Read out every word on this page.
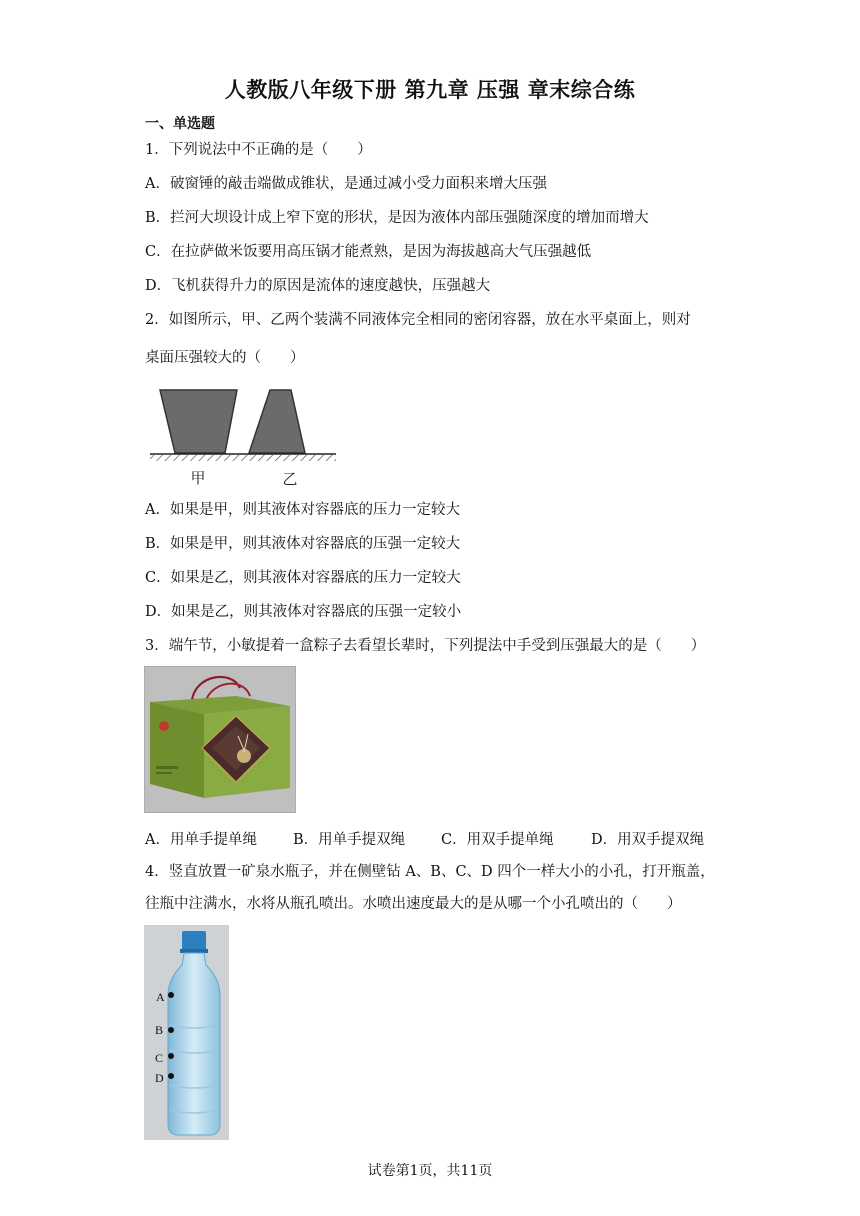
人教版八年级下册 第九章 压强 章末综合练
一、单选题
1．下列说法中不正确的是（　　）
A．破窗锤的敲击端做成锥状，是通过减小受力面积来增大压强
B．拦河大坝设计成上窄下宽的形状，是因为液体内部压强随深度的增加而增大
C．在拉萨做米饭要用高压锅才能煮熟，是因为海拔越高大气压强越低
D．飞机获得升力的原因是流体的速度越快，压强越大
2．如图所示，甲、乙两个装满不同液体完全相同的密闭容器，放在水平桌面上，则对
桌面压强较大的（　　）
甲	乙
A．如果是甲，则其液体对容器底的压力一定较大
B．如果是甲，则其液体对容器底的压强一定较大
C．如果是乙，则其液体对容器底的压力一定较大
D．如果是乙，则其液体对容器底的压强一定较小
3．端午节，小敏提着一盒粽子去看望长辈时，下列提法中手受到压强最大的是（　　）
A．用单手提单绳 B．用单手提双绳 C．用双手提单绳	D．用双手提双绳
4．竖直放置一矿泉水瓶子，并在侧壁钻 A、B、C、D 四个一样大小的小孔，打开瓶盖，
往瓶中注满水，水将从瓶孔喷出。水喷出速度最大的是从哪一个小孔喷出的（　　）
A
B
C
D
试卷第1页，共11页
